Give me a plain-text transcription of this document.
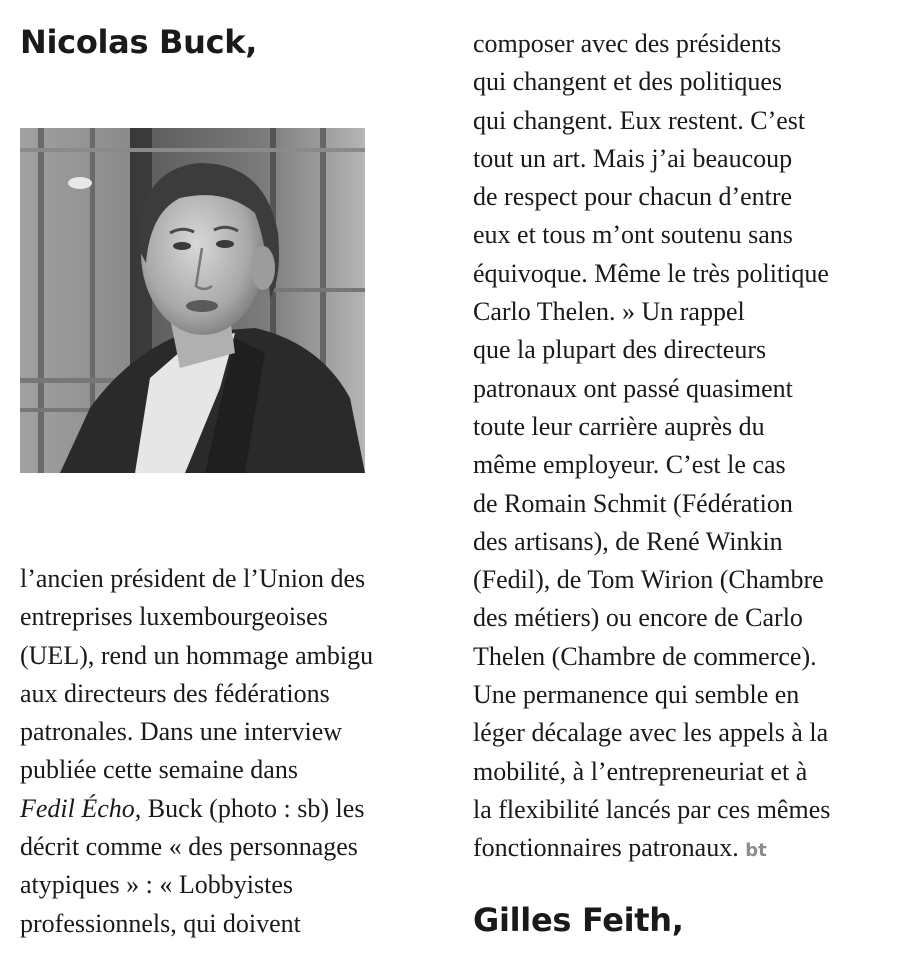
Nicolas Buck,
l’ancien président de l’Union des
entreprises luxembourgeoises
(UEL), rend un hommage ambigu
aux directeurs des fédérations
patronales. Dans une interview
publiée cette semaine dans
Fedil Écho, Buck (photo : sb) les
décrit comme « des personnages
atypiques » : « Lobbyistes
professionnels, qui doivent
composer avec des présidents
qui changent et des politiques
qui changent. Eux restent. C’est
tout un art. Mais j’ai beaucoup
de respect pour chacun d’entre
eux et tous m’ont soutenu sans
équivoque. Même le très politique
Carlo Thelen. » Un rappel
que la plupart des directeurs
patronaux ont passé quasiment
toute leur carrière auprès du
même employeur. C’est le cas
de Romain Schmit (Fédération
des artisans), de René Winkin
(Fedil), de Tom Wirion (Chambre
des métiers) ou encore de Carlo
Thelen (Chambre de commerce).
Une permanence qui semble en
léger décalage avec les appels à la
mobilité, à l’entrepreneuriat et à
la flexibilité lancés par ces mêmes
fonctionnaires patronaux. bt
Gilles Feith,
